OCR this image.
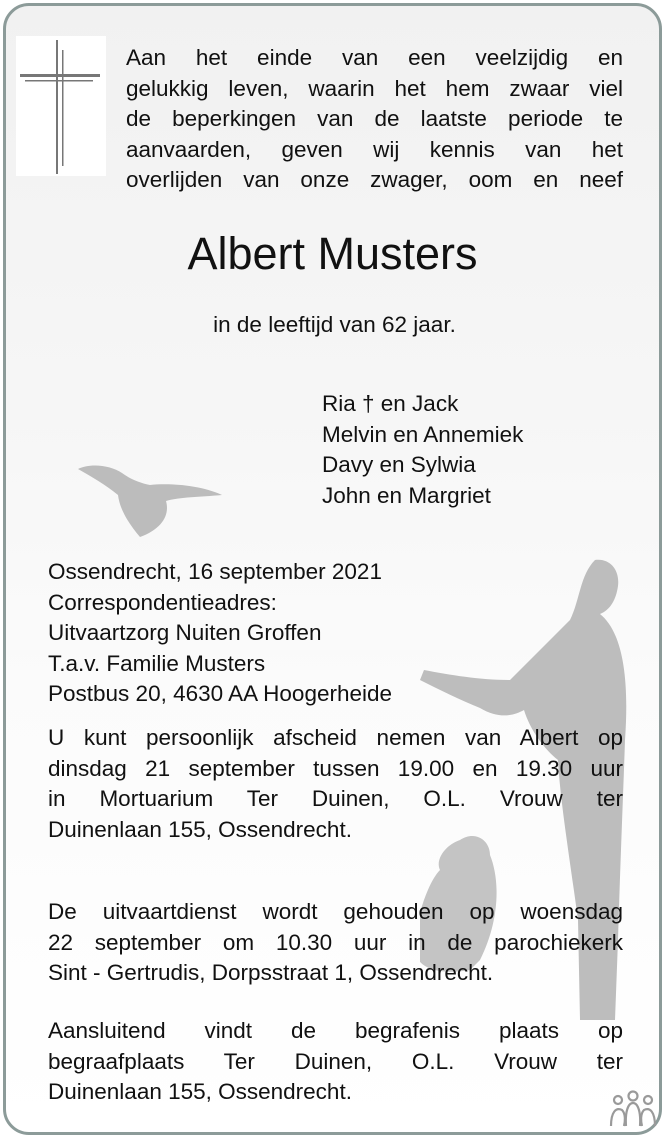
Aan het einde van een veelzijdig en
gelukkig leven, waarin het hem zwaar viel
de beperkingen van de laatste periode te
aanvaarden, geven wij kennis van het
overlijden van onze zwager, oom en neef
Albert Musters
in de leeftijd van 62 jaar.
Ria † en Jack
Melvin en Annemiek
Davy en Sylwia
John en Margriet
Ossendrecht, 16 september 2021
Correspondentieadres:
Uitvaartzorg Nuiten Groffen
T.a.v. Familie Musters
Postbus 20, 4630 AA Hoogerheide
U kunt persoonlijk afscheid nemen van Albert op
dinsdag 21 september tussen 19.00 en 19.30 uur
in Mortuarium Ter Duinen, O.L. Vrouw ter
Duinenlaan 155, Ossendrecht.
De uitvaartdienst wordt gehouden op woensdag
22 september om 10.30 uur in de parochiekerk
Sint - Gertrudis, Dorpsstraat 1, Ossendrecht.
Aansluitend vindt de begrafenis plaats op
begraafplaats Ter Duinen, O.L. Vrouw ter
Duinenlaan 155, Ossendrecht.
